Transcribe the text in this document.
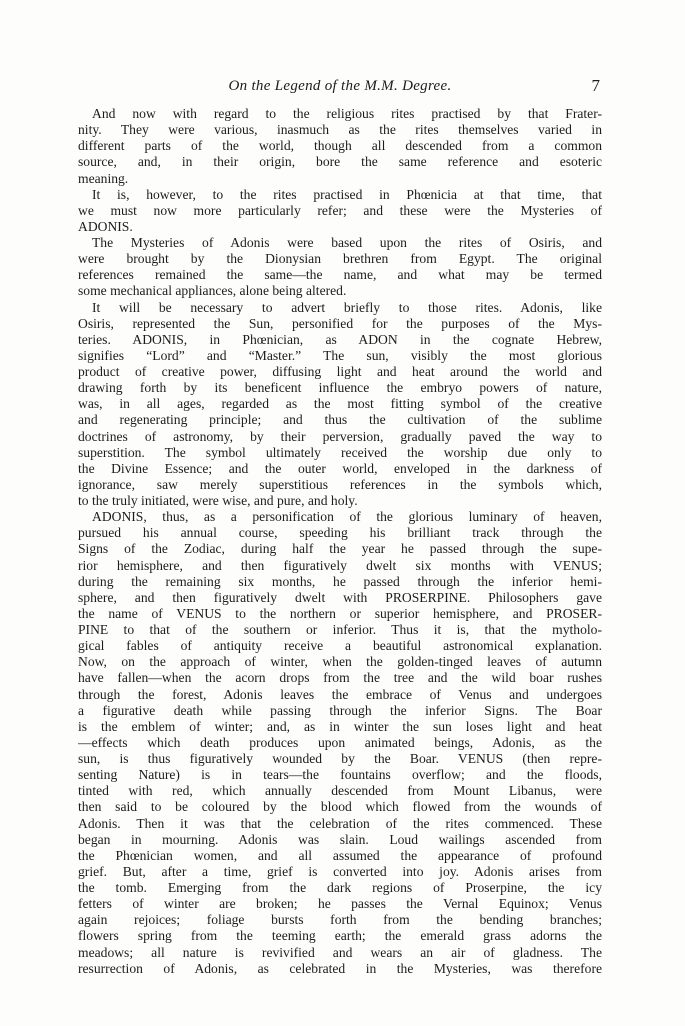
On the Legend of the M.M. Degree.	7
And now with regard to the religious rites practised by that Frater-
nity. They were various, inasmuch as the rites themselves varied in
different parts of the world, though all descended from a common
source, and, in their origin, bore the same reference and esoteric
meaning.
It is, however, to the rites practised in Phœnicia at that time, that
we must now more particularly refer; and these were the Mysteries of
ADONIS.
The Mysteries of Adonis were based upon the rites of Osiris, and
were brought by the Dionysian brethren from Egypt. The original
references remained the same—the name, and what may be termed
some mechanical appliances, alone being altered.
It will be necessary to advert briefly to those rites. Adonis, like
Osiris, represented the Sun, personified for the purposes of the Mys-
teries. ADONIS, in Phœnician, as ADON in the cognate Hebrew,
signifies “Lord” and “Master.” The sun, visibly the most glorious
product of creative power, diffusing light and heat around the world and
drawing forth by its beneficent influence the embryo powers of nature,
was, in all ages, regarded as the most fitting symbol of the creative
and regenerating principle; and thus the cultivation of the sublime
doctrines of astronomy, by their perversion, gradually paved the way to
superstition. The symbol ultimately received the worship due only to
the Divine Essence; and the outer world, enveloped in the darkness of
ignorance, saw merely superstitious references in the symbols which,
to the truly initiated, were wise, and pure, and holy.
ADONIS, thus, as a personification of the glorious luminary of heaven,
pursued his annual course, speeding his brilliant track through the
Signs of the Zodiac, during half the year he passed through the supe-
rior hemisphere, and then figuratively dwelt six months with VENUS;
during the remaining six months, he passed through the inferior hemi-
sphere, and then figuratively dwelt with PROSERPINE. Philosophers gave
the name of VENUS to the northern or superior hemisphere, and PROSER-
PINE to that of the southern or inferior. Thus it is, that the mytholo-
gical fables of antiquity receive a beautiful astronomical explanation.
Now, on the approach of winter, when the golden-tinged leaves of autumn
have fallen—when the acorn drops from the tree and the wild boar rushes
through the forest, Adonis leaves the embrace of Venus and undergoes
a figurative death while passing through the inferior Signs. The Boar
is the emblem of winter; and, as in winter the sun loses light and heat
—effects which death produces upon animated beings, Adonis, as the
sun, is thus figuratively wounded by the Boar. VENUS (then repre-
senting Nature) is in tears—the fountains overflow; and the floods,
tinted with red, which annually descended from Mount Libanus, were
then said to be coloured by the blood which flowed from the wounds of
Adonis. Then it was that the celebration of the rites commenced. These
began in mourning. Adonis was slain. Loud wailings ascended from
the Phœnician women, and all assumed the appearance of profound
grief. But, after a time, grief is converted into joy. Adonis arises from
the tomb. Emerging from the dark regions of Proserpine, the icy
fetters of winter are broken; he passes the Vernal Equinox; Venus
again rejoices; foliage bursts forth from the bending branches;
flowers spring from the teeming earth; the emerald grass adorns the
meadows; all nature is revivified and wears an air of gladness. The
resurrection of Adonis, as celebrated in the Mysteries, was therefore
